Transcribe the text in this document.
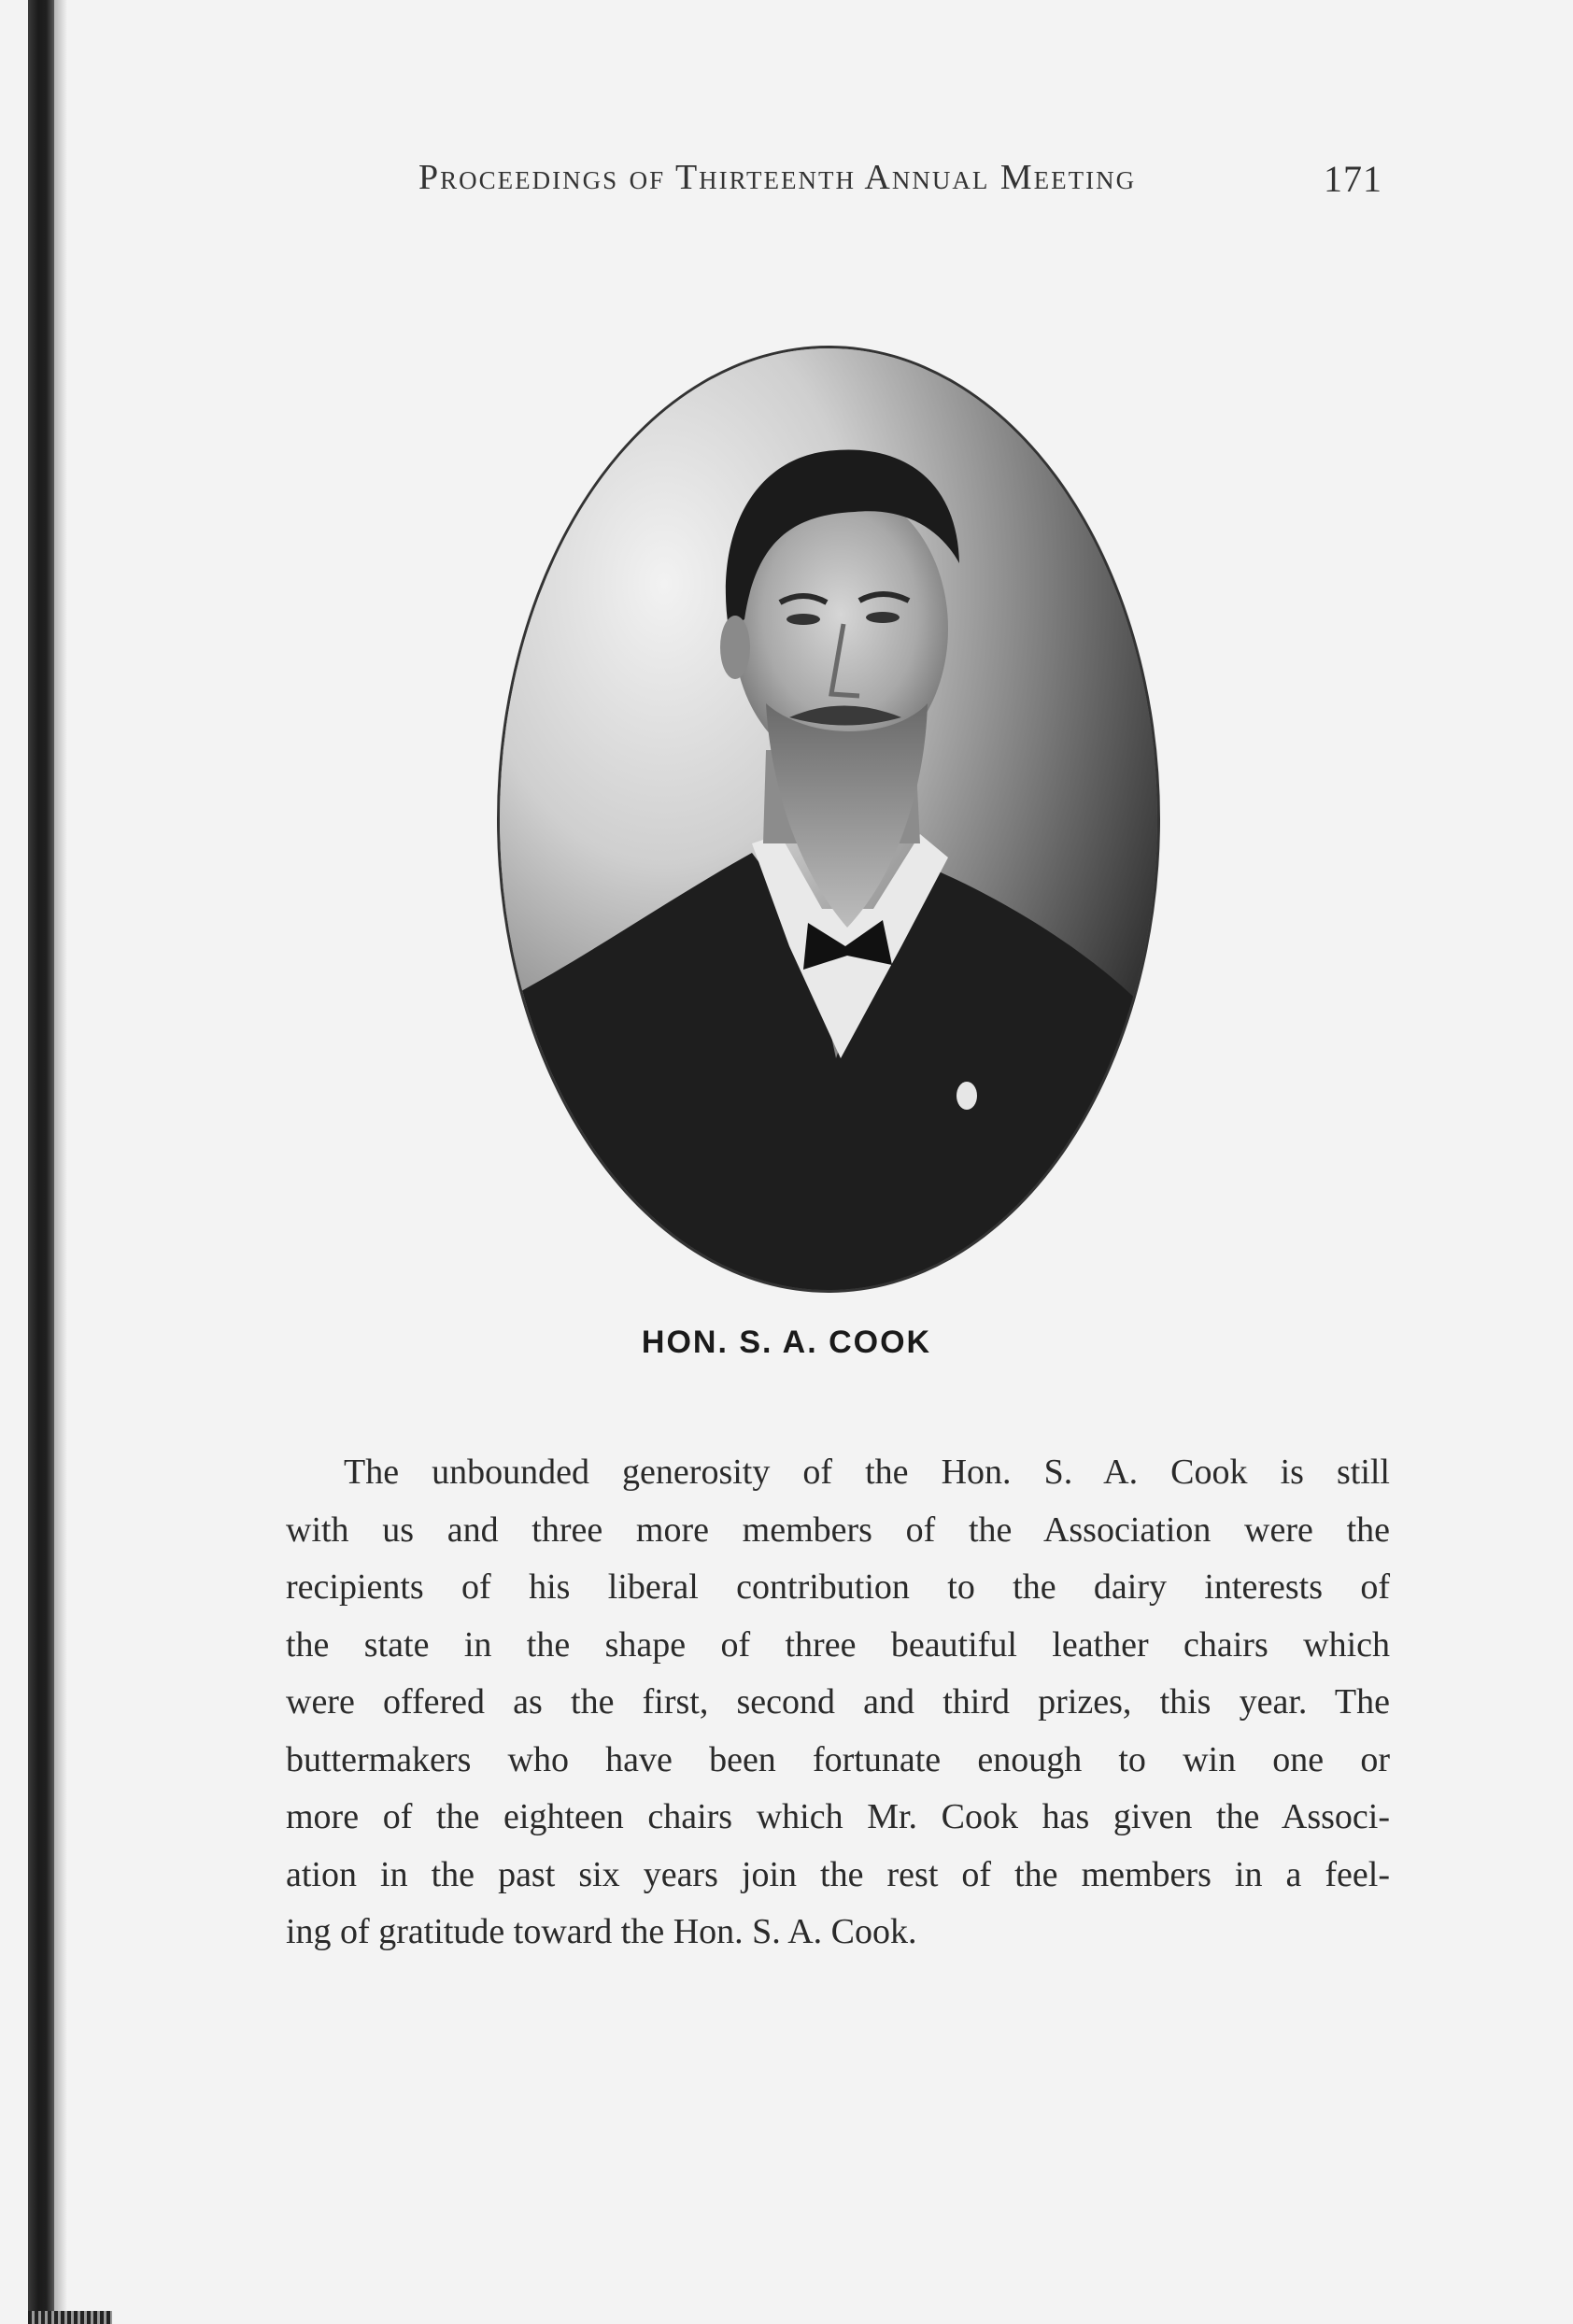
Proceedings of Thirteenth Annual Meeting	171
HON. S. A. COOK
The unbounded generosity of the Hon. S. A. Cook is still
with us and three more members of the Association were the
recipients of his liberal contribution to the dairy interests of
the state in the shape of three beautiful leather chairs which
were offered as the first, second and third prizes, this year. The
buttermakers who have been fortunate enough to win one or
more of the eighteen chairs which Mr. Cook has given the Associ-
ation in the past six years join the rest of the members in a feel-
ing of gratitude toward the Hon. S. A. Cook.
